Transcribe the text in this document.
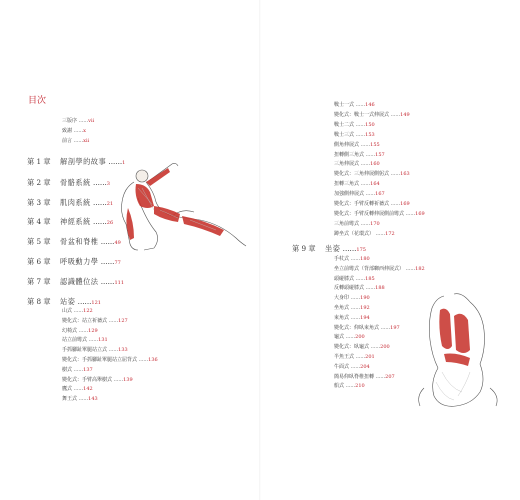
目次
三版序 ......vii
致謝 ......x
前言 ......xii
第 1 章 解剖學的故事 ......1
第 2 章 骨骼系統 ......3
第 3 章 肌肉系統 ......21
第 4 章 神經系統 ......26
第 5 章 骨盆和脊椎 ......49
第 6 章 呼吸動力學 ......77
第 7 章 認識體位法 ......111
第 8 章 站姿 ......121
山式 ......122
變化式：站立祈禱式 ......127
幻椅式 ......129
站立前彎式 ......131
手抓腳趾單腿站立式 ......133
變化式：手抓腳趾單腿站立屈背式 ......136
樹式 ......137
變化式：手臂高舉樹式 ......139
鷹式 ......142
舞王式 ......143
戰士一式 ......146
變化式：戰士一式伸展式 ......149
戰士二式 ......150
戰士三式 ......153
側角伸展式 ......155
扭轉側三角式 ......157
三角伸展式 ......160
變化式：三角伸展側躬式 ......163
扭轉三角式 ......164
加強側伸展式 ......167
變化式：手臂反轉祈禱式 ......169
變化式：手臂反轉伸展側前彎式 ......169
三角前彎式 ......170
蹲坐式（花環式） ......172
第 9 章 坐姿 ......175
手杖式 ......180
坐立前彎式（背部啣西伸展式） ......182
頭碰膝式 ......185
反轉頭碰膝式 ......188
大身印 ......190
坐角式 ......192
束角式 ......194
變化式：仰臥束角式 ......197
龜式 ......200
變化式：臥龜式 ......200
半魚王式 ......201
牛面式 ......204
簡易仰臥脊椎扭轉 ......207
船式 ......210
